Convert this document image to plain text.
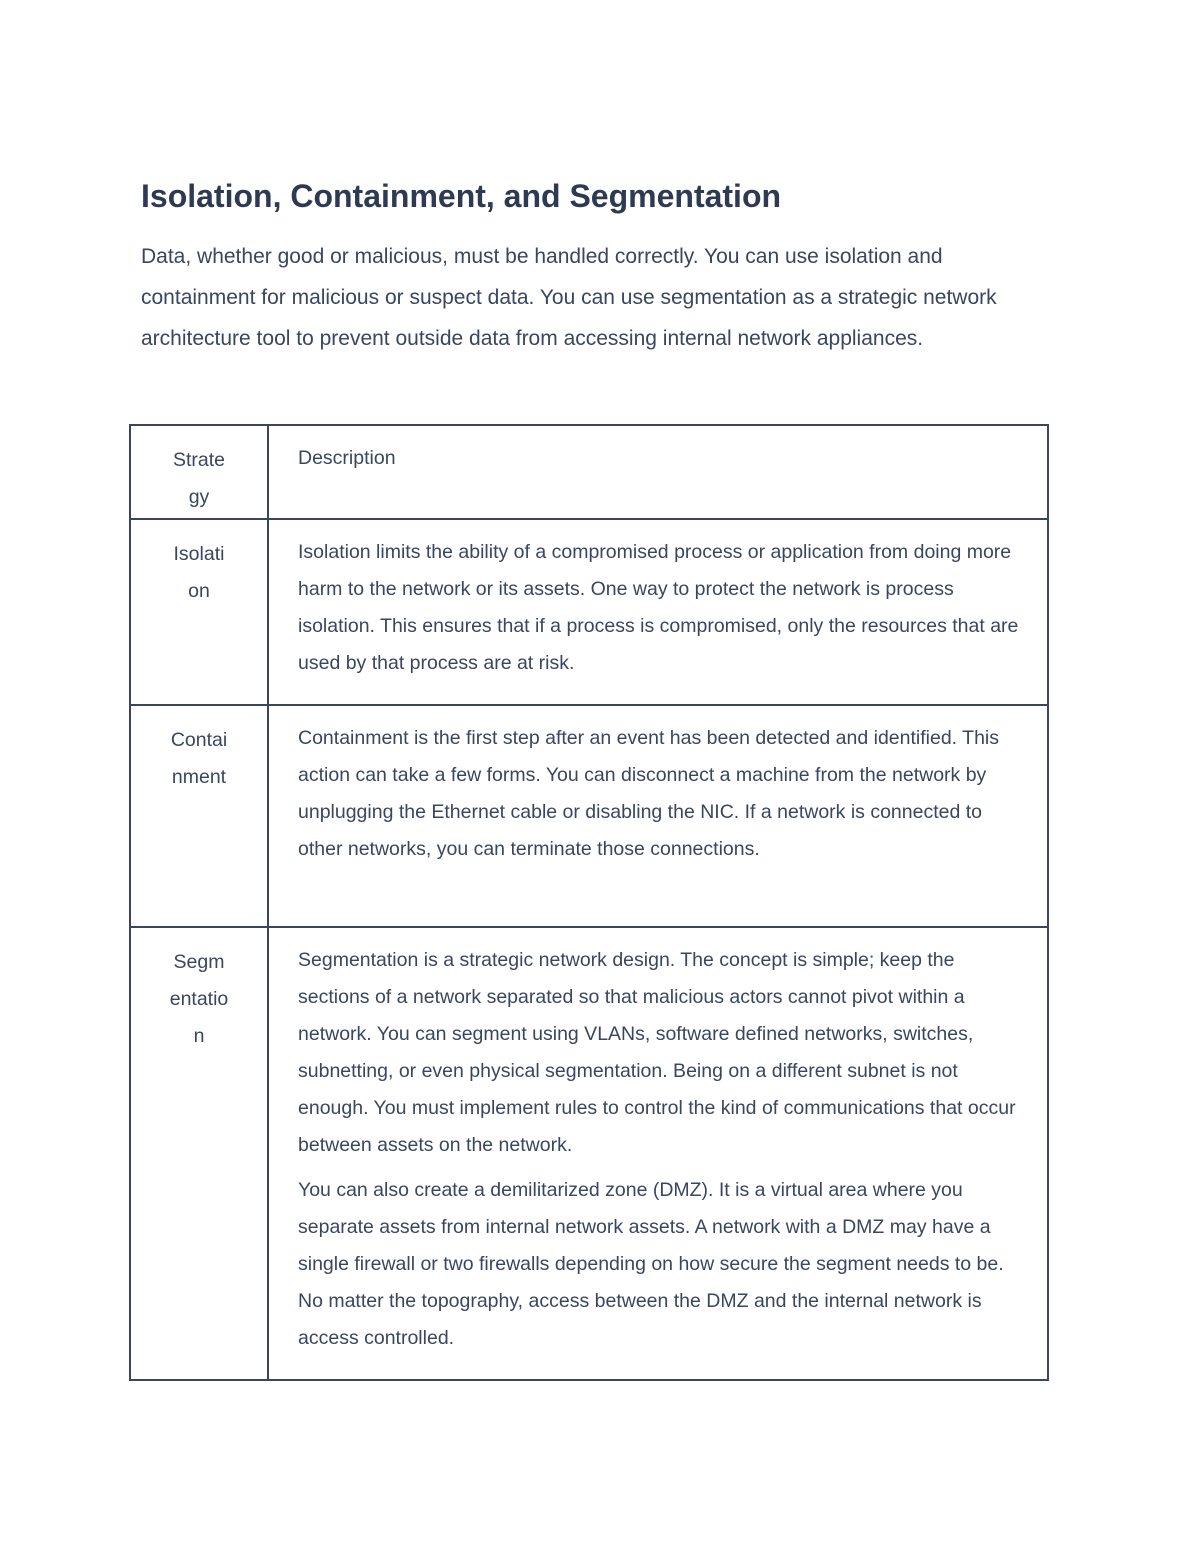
Isolation, Containment, and Segmentation

Data, whether good or malicious, must be handled correctly. You can use isolation and containment for malicious or suspect data. You can use segmentation as a strategic network architecture tool to prevent outside data from accessing internal network appliances.

Strategy	Description
Isolation	Isolation limits the ability of a compromised process or application from doing more harm to the network or its assets. One way to protect the network is process isolation. This ensures that if a process is compromised, only the resources that are used by that process are at risk.

Containment	Containment is the first step after an event has been detected and identified. This action can take a few forms. You can disconnect a machine from the network by unplugging the Ethernet cable or disabling the NIC. If a network is connected to other networks, you can terminate those connections.

Segmentation	Segmentation is a strategic network design. The concept is simple; keep the sections of a network separated so that malicious actors cannot pivot within a network. You can segment using VLANs, software defined networks, switches, subnetting, or even physical segmentation. Being on a different subnet is not enough. You must implement rules to control the kind of communications that occur between assets on the network.

You can also create a demilitarized zone (DMZ). It is a virtual area where you separate assets from internal network assets. A network with a DMZ may have a single firewall or two firewalls depending on how secure the segment needs to be. No matter the topography, access between the DMZ and the internal network is access controlled.
